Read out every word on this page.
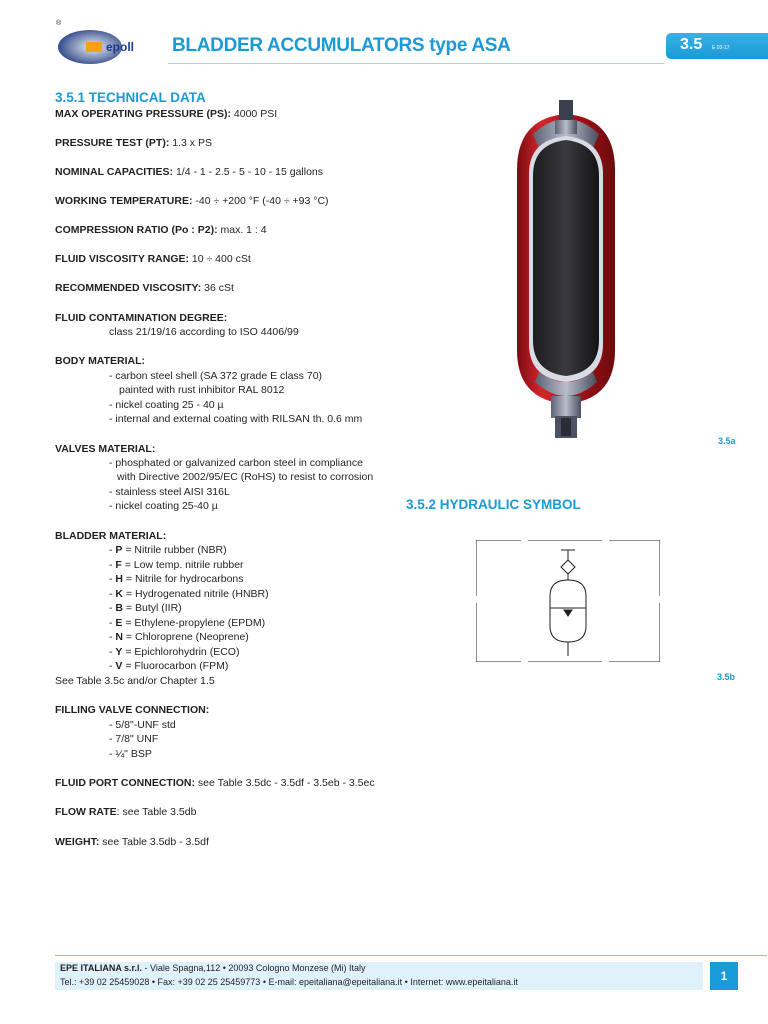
®
epoll BLADDER ACCUMULATORS type ASA	3.5 E 03-17
3.5.1 TECHNICAL DATA
MAX OPERATING PRESSURE (PS): 4000 PSI
PRESSURE TEST (PT): 1.3 x PS
NOMINAL CAPACITIES: 1/4 - 1 - 2.5 - 5 - 10 - 15 gallons
WORKING TEMPERATURE: -40 ÷ +200 °F (-40 ÷ +93 °C)
COMPRESSION RATIO (Po : P2): max. 1 : 4
FLUID VISCOSITY RANGE: 10 ÷ 400 cSt
RECOMMENDED VISCOSITY: 36 cSt
FLUID CONTAMINATION DEGREE:
class 21/19/16 according to ISO 4406/99
BODY MATERIAL:
- carbon steel shell (SA 372 grade E class 70)
painted with rust inhibitor RAL 8012
- nickel coating 25 - 40 µ
- internal and external coating with RILSAN th. 0.6 mm
VALVES MATERIAL:
- phosphated or galvanized carbon steel in compliance
with Directive 2002/95/EC (RoHS) to resist to corrosion
- stainless steel AISI 316L
- nickel coating 25-40 µ
BLADDER MATERIAL:
- P = Nitrile rubber (NBR)
- F = Low temp. nitrile rubber
- H = Nitrile for hydrocarbons
- K = Hydrogenated nitrile (HNBR)
- B = Butyl (IIR)
- E = Ethylene-propylene (EPDM)
- N = Chloroprene (Neoprene)
- Y = Epichlorohydrin (ECO)
- V = Fluorocarbon (FPM)
See Table 3.5c and/or Chapter 1.5
FILLING VALVE CONNECTION:
- 5/8"-UNF std
- 7/8" UNF
- ¼" BSP
FLUID PORT CONNECTION: see Table 3.5dc - 3.5df - 3.5eb - 3.5ec
FLOW RATE: see Table 3.5db
WEIGHT: see Table 3.5db - 3.5df
3.5a
3.5.2 HYDRAULIC SYMBOL
3.5b
EPE ITALIANA s.r.l. - Viale Spagna,112 • 20093 Cologno Monzese (Mi) Italy
Tel.: +39 02 25459028 • Fax: +39 02 25 25459773 • E-mail: epeitaliana@epeitaliana.it • Internet: www.epeitaliana.it	1
